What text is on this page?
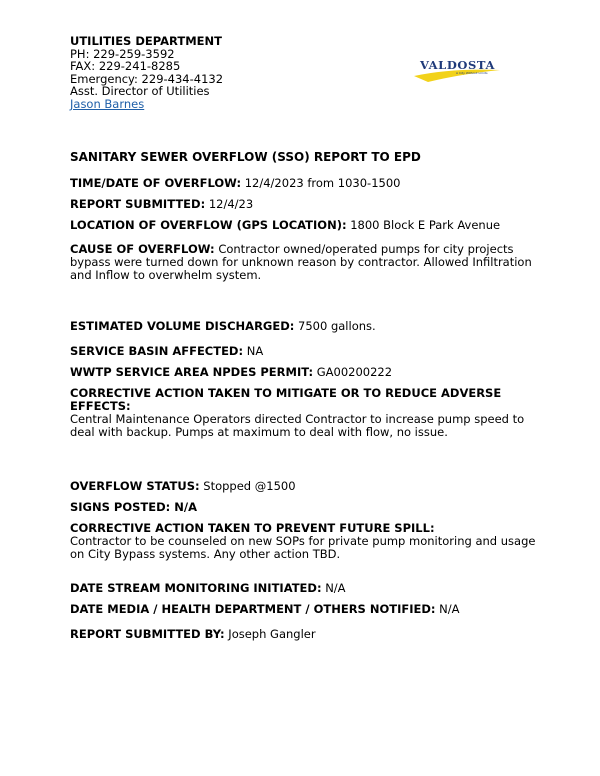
UTILITIES DEPARTMENT
PH: 229-259-3592
FAX: 229-241-8285
Emergency: 229-434-4132
Asst. Director of Utilities
Jason Barnes
VALDOSTA
A City Without Limits
SANITARY SEWER OVERFLOW (SSO) REPORT TO EPD
TIME/DATE OF OVERFLOW: 12/4/2023 from 1030-1500
REPORT SUBMITTED: 12/4/23
LOCATION OF OVERFLOW (GPS LOCATION): 1800 Block E Park Avenue
CAUSE OF OVERFLOW: Contractor owned/operated pumps for city projects bypass were turned down for unknown reason by contractor. Allowed Infiltration and Inflow to overwhelm system.
ESTIMATED VOLUME DISCHARGED: 7500 gallons.
SERVICE BASIN AFFECTED: NA
WWTP SERVICE AREA NPDES PERMIT: GA00200222
CORRECTIVE ACTION TAKEN TO MITIGATE OR TO REDUCE ADVERSE EFFECTS:
Central Maintenance Operators directed Contractor to increase pump speed to deal with backup. Pumps at maximum to deal with flow, no issue.
OVERFLOW STATUS: Stopped @1500
SIGNS POSTED: N/A
CORRECTIVE ACTION TAKEN TO PREVENT FUTURE SPILL:
Contractor to be counseled on new SOPs for private pump monitoring and usage on City Bypass systems. Any other action TBD.
DATE STREAM MONITORING INITIATED: N/A
DATE MEDIA / HEALTH DEPARTMENT / OTHERS NOTIFIED: N/A
REPORT SUBMITTED BY: Joseph Gangler
